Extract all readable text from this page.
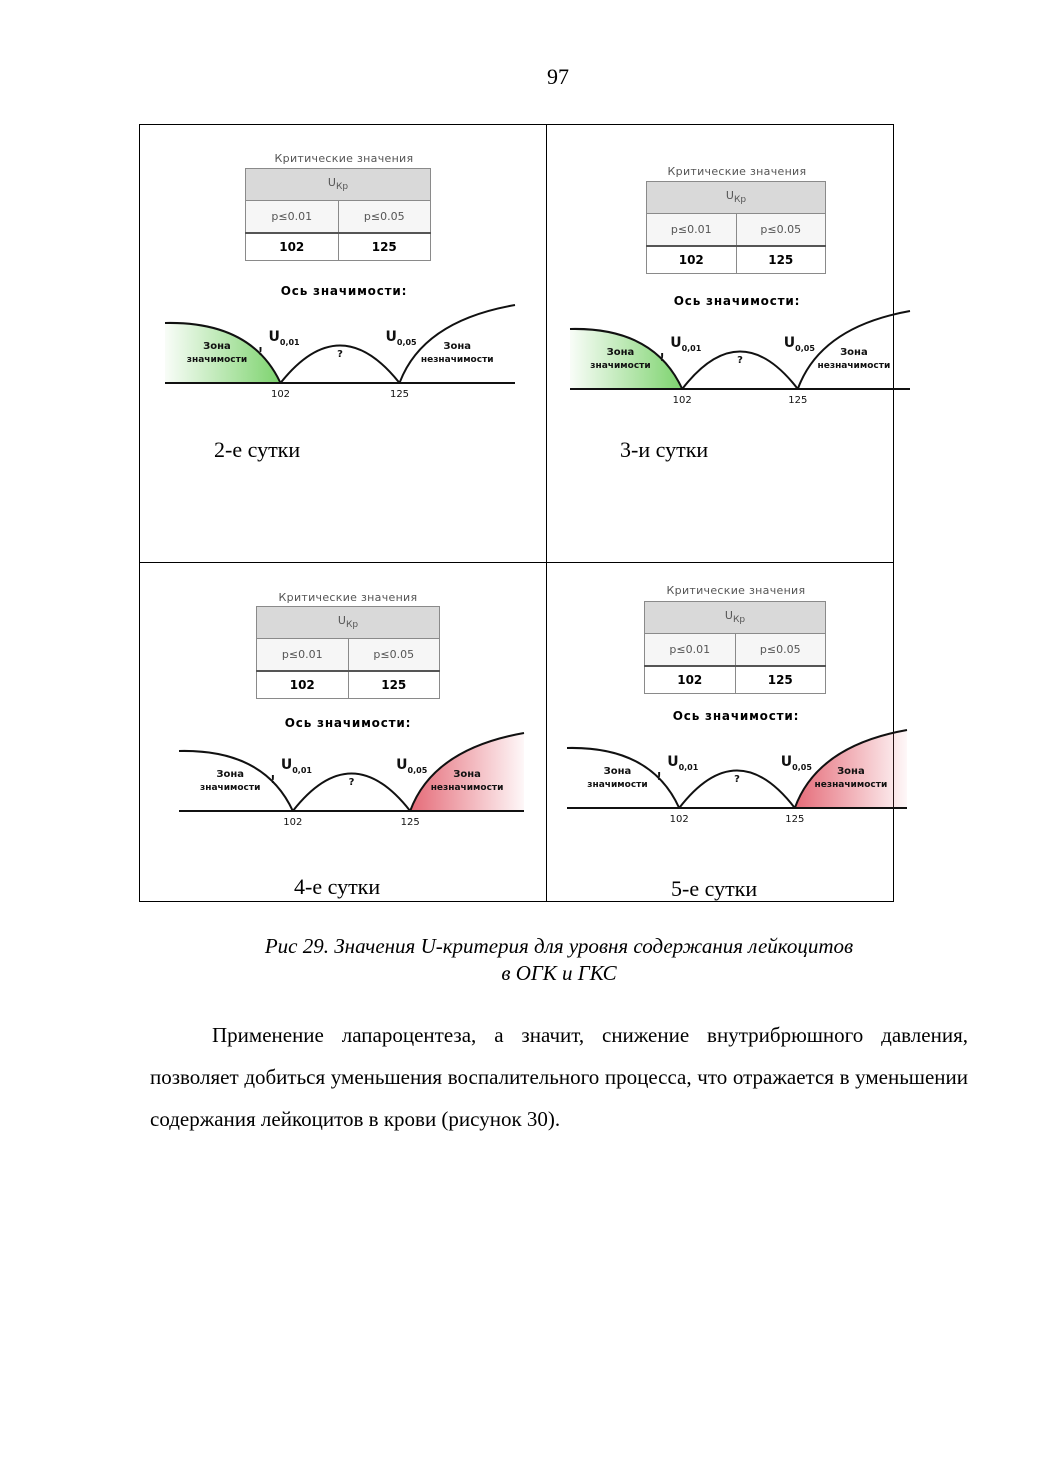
97
Критические значения
$U_{Кр}$
p≤0.01	p≤0.05
102	125
Ось значимости:
$U_{0,01}$	$U_{0,05}$
?
!
Зона
значимости
Зона
незначимости
102	125
2-е сутки
Критические значения
$U_{Кр}$
p≤0.01	p≤0.05
102	125
Ось значимости:
$U_{0,01}$	$U_{0,05}$
?
!
Зона
значимости
Зона
незначимости
102	125
3-и сутки
Критические значения
$U_{Кр}$
p≤0.01	p≤0.05
102	125
Ось значимости:
$U_{0,01}$	$U_{0,05}$
?
!
Зона
значимости
Зона
незначимости
102	125
4-е сутки
Критические значения
$U_{Кр}$
p≤0.01	p≤0.05
102	125
Ось значимости:
$U_{0,01}$	$U_{0,05}$
?
!
Зона
значимости
Зона
незначимости
102	125
5-е сутки
Рис 29. Значения U-критерия для уровня содержания лейкоцитов
в ОГК и ГКС
Применение лапароцентеза, а значит, снижение внутрибрюшного давления, позволяет добиться уменьшения воспалительного процесса, что отражается в уменьшении содержания лейкоцитов в крови (рисунок 30).
